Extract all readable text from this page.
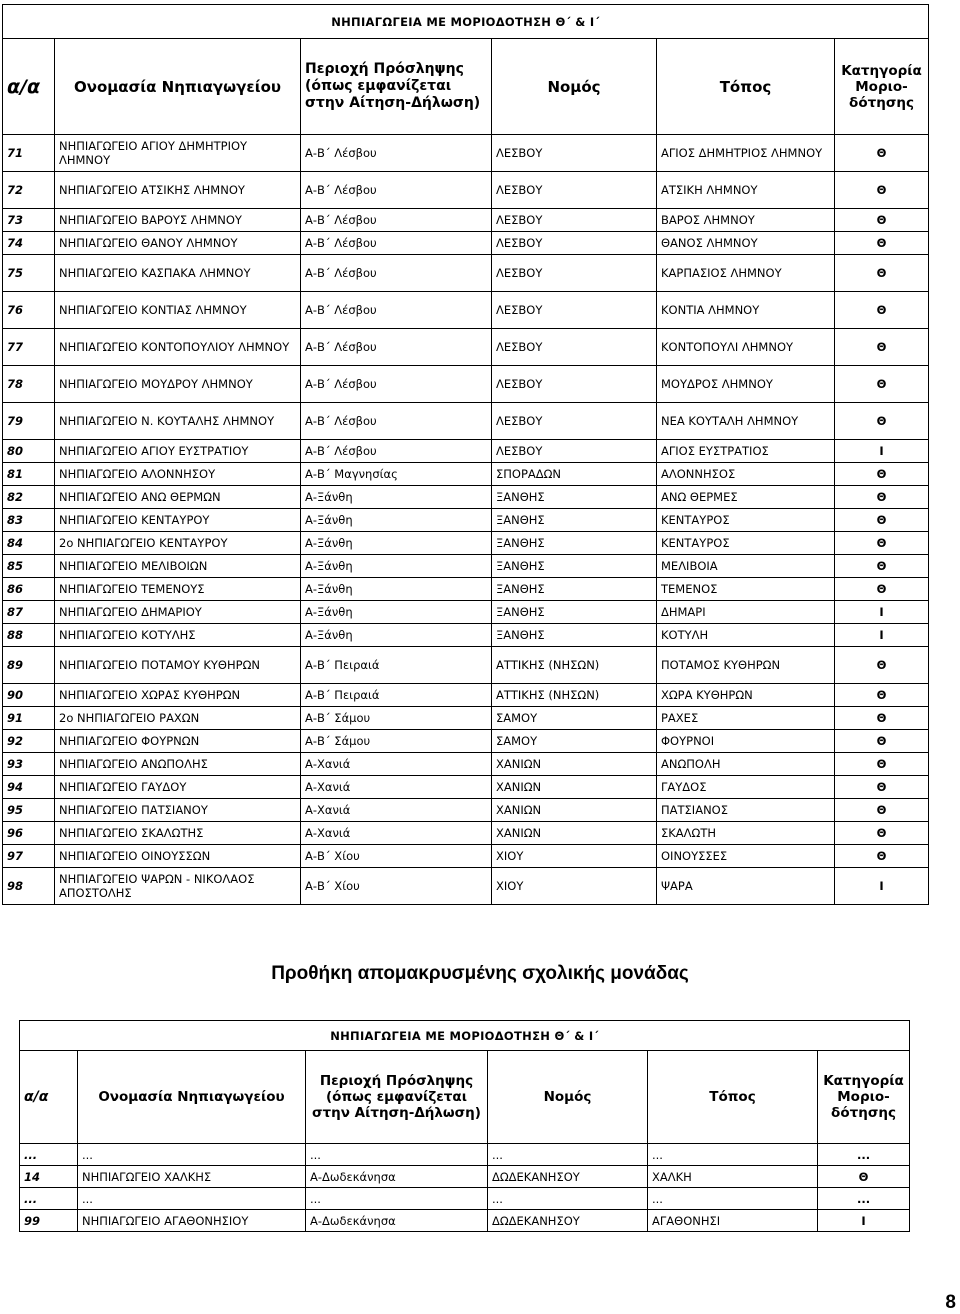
ΝΗΠΙΑΓΩΓΕΙΑ ΜΕ ΜΟΡΙΟΔΟΤΗΣΗ Θ΄ & Ι΄					
α/α	Ονομασία Νηπιαγωγείου	Περιοχή Πρόσληψης (όπως εμφανίζεται στην Αίτηση-Δήλωση)	Νομός	Τόπος	Κατηγορία Μοριο-δότησης
71	ΝΗΠΙΑΓΩΓΕΙΟ ΑΓΙΟΥ ΔΗΜΗΤΡΙΟΥ ΛΗΜΝΟΥ	Α-Β΄ Λέσβου	ΛΕΣΒΟΥ	ΑΓΙΟΣ ΔΗΜΗΤΡΙΟΣ ΛΗΜΝΟΥ	Θ
72	ΝΗΠΙΑΓΩΓΕΙΟ ΑΤΣΙΚΗΣ ΛΗΜΝΟΥ	Α-Β΄ Λέσβου	ΛΕΣΒΟΥ	ΑΤΣΙΚΗ ΛΗΜΝΟΥ	Θ
73	ΝΗΠΙΑΓΩΓΕΙΟ ΒΑΡΟΥΣ ΛΗΜΝΟΥ	Α-Β΄ Λέσβου	ΛΕΣΒΟΥ	ΒΑΡΟΣ ΛΗΜΝΟΥ	Θ
74	ΝΗΠΙΑΓΩΓΕΙΟ ΘΑΝΟΥ ΛΗΜΝΟΥ	Α-Β΄ Λέσβου	ΛΕΣΒΟΥ	ΘΑΝΟΣ ΛΗΜΝΟΥ	Θ
75	ΝΗΠΙΑΓΩΓΕΙΟ ΚΑΣΠΑΚΑ ΛΗΜΝΟΥ	Α-Β΄ Λέσβου	ΛΕΣΒΟΥ	ΚΑΡΠΑΣΙΟΣ ΛΗΜΝΟΥ	Θ
76	ΝΗΠΙΑΓΩΓΕΙΟ ΚΟΝΤΙΑΣ ΛΗΜΝΟΥ	Α-Β΄ Λέσβου	ΛΕΣΒΟΥ	ΚΟΝΤΙΑ ΛΗΜΝΟΥ	Θ
77	ΝΗΠΙΑΓΩΓΕΙΟ ΚΟΝΤΟΠΟΥΛΙΟΥ ΛΗΜΝΟΥ	Α-Β΄ Λέσβου	ΛΕΣΒΟΥ	ΚΟΝΤΟΠΟΥΛΙ ΛΗΜΝΟΥ	Θ
78	ΝΗΠΙΑΓΩΓΕΙΟ ΜΟΥΔΡΟΥ ΛΗΜΝΟΥ	Α-Β΄ Λέσβου	ΛΕΣΒΟΥ	ΜΟΥΔΡΟΣ ΛΗΜΝΟΥ	Θ
79	ΝΗΠΙΑΓΩΓΕΙΟ Ν. ΚΟΥΤΑΛΗΣ ΛΗΜΝΟΥ	Α-Β΄ Λέσβου	ΛΕΣΒΟΥ	ΝΕΑ ΚΟΥΤΑΛΗ ΛΗΜΝΟΥ	Θ
80	ΝΗΠΙΑΓΩΓΕΙΟ ΑΓΙΟΥ ΕΥΣΤΡΑΤΙΟΥ	Α-Β΄ Λέσβου	ΛΕΣΒΟΥ	ΑΓΙΟΣ ΕΥΣΤΡΑΤΙΟΣ	Ι
81	ΝΗΠΙΑΓΩΓΕΙΟ ΑΛΟΝΝΗΣΟΥ	Α-Β΄ Μαγνησίας	ΣΠΟΡΑΔΩΝ	ΑΛΟΝΝΗΣΟΣ	Θ
82	ΝΗΠΙΑΓΩΓΕΙΟ ΑΝΩ ΘΕΡΜΩΝ	Α-Ξάνθη	ΞΑΝΘΗΣ	ΑΝΩ ΘΕΡΜΕΣ	Θ
83	ΝΗΠΙΑΓΩΓΕΙΟ ΚΕΝΤΑΥΡΟΥ	Α-Ξάνθη	ΞΑΝΘΗΣ	ΚΕΝΤΑΥΡΟΣ	Θ
84	2ο ΝΗΠΙΑΓΩΓΕΙΟ ΚΕΝΤΑΥΡΟΥ	Α-Ξάνθη	ΞΑΝΘΗΣ	ΚΕΝΤΑΥΡΟΣ	Θ
85	ΝΗΠΙΑΓΩΓΕΙΟ ΜΕΛΙΒΟΙΩΝ	Α-Ξάνθη	ΞΑΝΘΗΣ	ΜΕΛΙΒΟΙΑ	Θ
86	ΝΗΠΙΑΓΩΓΕΙΟ ΤΕΜΕΝΟΥΣ	Α-Ξάνθη	ΞΑΝΘΗΣ	ΤΕΜΕΝΟΣ	Θ
87	ΝΗΠΙΑΓΩΓΕΙΟ ΔΗΜΑΡΙΟΥ	Α-Ξάνθη	ΞΑΝΘΗΣ	ΔΗΜΑΡΙ	Ι
88	ΝΗΠΙΑΓΩΓΕΙΟ ΚΟΤΥΛΗΣ	Α-Ξάνθη	ΞΑΝΘΗΣ	ΚΟΤΥΛΗ	Ι
89	ΝΗΠΙΑΓΩΓΕΙΟ ΠΟΤΑΜΟΥ ΚΥΘΗΡΩΝ	Α-Β΄ Πειραιά	ΑΤΤΙΚΗΣ (ΝΗΣΩΝ)	ΠΟΤΑΜΟΣ ΚΥΘΗΡΩΝ	Θ
90	ΝΗΠΙΑΓΩΓΕΙΟ ΧΩΡΑΣ ΚΥΘΗΡΩΝ	Α-Β΄ Πειραιά	ΑΤΤΙΚΗΣ (ΝΗΣΩΝ)	ΧΩΡΑ ΚΥΘΗΡΩΝ	Θ
91	2ο ΝΗΠΙΑΓΩΓΕΙΟ ΡΑΧΩΝ	Α-Β΄ Σάμου	ΣΑΜΟΥ	ΡΑΧΕΣ	Θ
92	ΝΗΠΙΑΓΩΓΕΙΟ ΦΟΥΡΝΩΝ	Α-Β΄ Σάμου	ΣΑΜΟΥ	ΦΟΥΡΝΟΙ	Θ
93	ΝΗΠΙΑΓΩΓΕΙΟ ΑΝΩΠΟΛΗΣ	Α-Χανιά	ΧΑΝΙΩΝ	ΑΝΩΠΟΛΗ	Θ
94	ΝΗΠΙΑΓΩΓΕΙΟ ΓΑΥΔΟΥ	Α-Χανιά	ΧΑΝΙΩΝ	ΓΑΥΔΟΣ	Θ
95	ΝΗΠΙΑΓΩΓΕΙΟ ΠΑΤΣΙΑΝΟΥ	Α-Χανιά	ΧΑΝΙΩΝ	ΠΑΤΣΙΑΝΟΣ	Θ
96	ΝΗΠΙΑΓΩΓΕΙΟ ΣΚΑΛΩΤΗΣ	Α-Χανιά	ΧΑΝΙΩΝ	ΣΚΑΛΩΤΗ	Θ
97	ΝΗΠΙΑΓΩΓΕΙΟ ΟΙΝΟΥΣΣΩΝ	Α-Β΄ Χίου	ΧΙΟΥ	ΟΙΝΟΥΣΣΕΣ	Θ
98	ΝΗΠΙΑΓΩΓΕΙΟ ΨΑΡΩΝ - ΝΙΚΟΛΑΟΣ ΑΠΟΣΤΟΛΗΣ	Α-Β΄ Χίου	ΧΙΟΥ	ΨΑΡΑ	Ι
Προθήκη απομακρυσμένης σχολικής μονάδας
ΝΗΠΙΑΓΩΓΕΙΑ ΜΕ ΜΟΡΙΟΔΟΤΗΣΗ Θ΄ & Ι΄					
α/α	Ονομασία Νηπιαγωγείου	Περιοχή Πρόσληψης (όπως εμφανίζεται στην Αίτηση-Δήλωση)	Νομός	Τόπος	Κατηγορία Μοριο-δότησης
...	...	...	...	...	...
14	ΝΗΠΙΑΓΩΓΕΙΟ ΧΑΛΚΗΣ	Α-Δωδεκάνησα	ΔΩΔΕΚΑΝΗΣΟΥ	ΧΑΛΚΗ	Θ
...	...	...	...	...	...
99	ΝΗΠΙΑΓΩΓΕΙΟ ΑΓΑΘΟΝΗΣΙΟΥ	Α-Δωδεκάνησα	ΔΩΔΕΚΑΝΗΣΟΥ	ΑΓΑΘΟΝΗΣΙ	Ι
8
